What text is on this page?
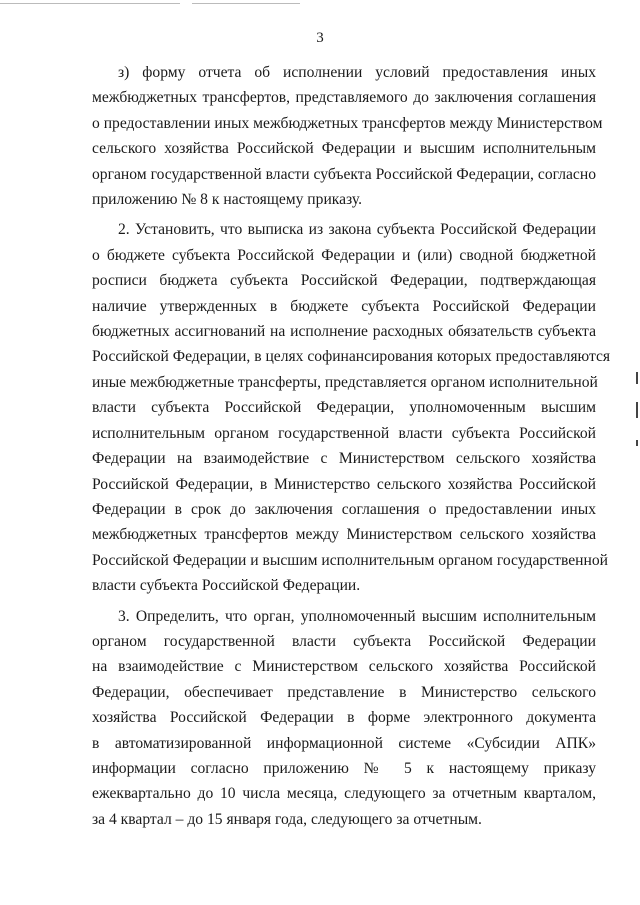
3
з) форму отчета об исполнении условий предоставления иных
межбюджетных трансфертов, представляемого до заключения соглашения
о предоставлении иных межбюджетных трансфертов между Министерством
сельского хозяйства Российской Федерации и высшим исполнительным
органом государственной власти субъекта Российской Федерации, согласно
приложению № 8 к настоящему приказу.
2. Установить, что выписка из закона субъекта Российской Федерации
о бюджете субъекта Российской Федерации и (или) сводной бюджетной
росписи бюджета субъекта Российской Федерации, подтверждающая
наличие утвержденных в бюджете субъекта Российской Федерации
бюджетных ассигнований на исполнение расходных обязательств субъекта
Российской Федерации, в целях софинансирования которых предоставляются
иные межбюджетные трансферты, представляется органом исполнительной
власти субъекта Российской Федерации, уполномоченным высшим
исполнительным органом государственной власти субъекта Российской
Федерации на взаимодействие с Министерством сельского хозяйства
Российской Федерации, в Министерство сельского хозяйства Российской
Федерации в срок до заключения соглашения о предоставлении иных
межбюджетных трансфертов между Министерством сельского хозяйства
Российской Федерации и высшим исполнительным органом государственной
власти субъекта Российской Федерации.
3. Определить, что орган, уполномоченный высшим исполнительным
органом государственной власти субъекта Российской Федерации
на взаимодействие с Министерством сельского хозяйства Российской
Федерации, обеспечивает представление в Министерство сельского
хозяйства Российской Федерации в форме электронного документа
в автоматизированной информационной системе «Субсидии АПК»
информации согласно приложению № 5 к настоящему приказу
ежеквартально до 10 числа месяца, следующего за отчетным кварталом,
за 4 квартал – до 15 января года, следующего за отчетным.
